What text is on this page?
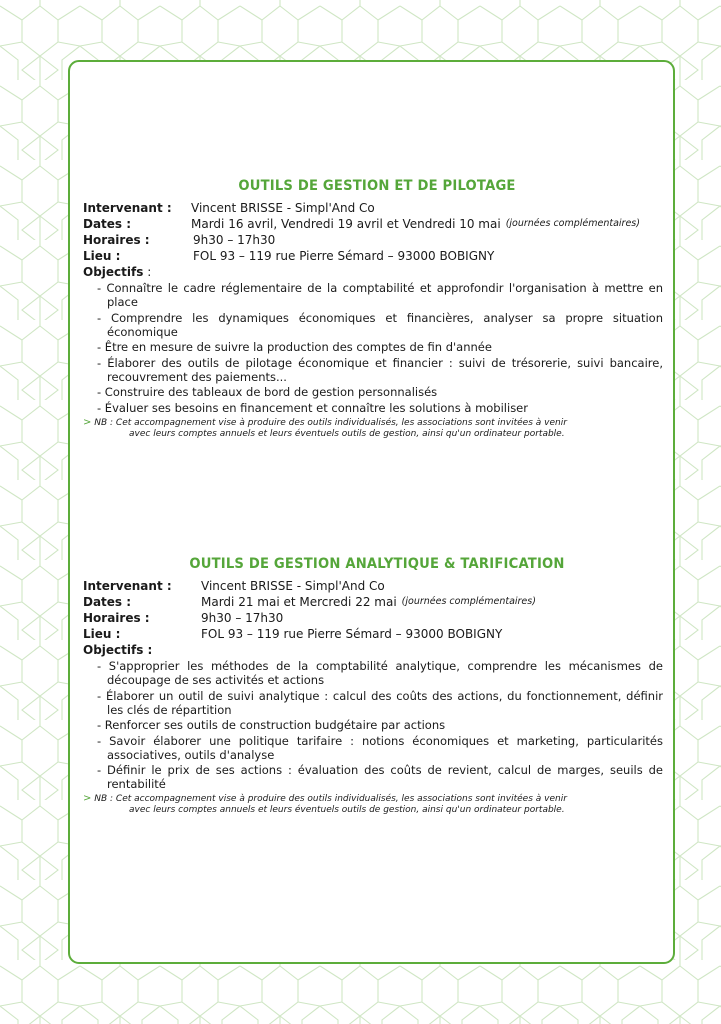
OUTILS DE GESTION ET DE PILOTAGE
Intervenant :	Vincent BRISSE - Simpl'And Co
Dates :	Mardi 16 avril, Vendredi 19 avril et Vendredi 10 mai (journées complémentaires)
Horaires :	9h30 – 17h30
Lieu :	FOL 93 – 119 rue Pierre Sémard – 93000 BOBIGNY
Objectifs :
- Connaître le cadre réglementaire de la comptabilité et approfondir l'organisation à mettre en place
- Comprendre les dynamiques économiques et financières, analyser sa propre situation économique
- Être en mesure de suivre la production des comptes de fin d'année
- Élaborer des outils de pilotage économique et financier : suivi de trésorerie, suivi bancaire, recouvrement des paiements...
- Construire des tableaux de bord de gestion personnalisés
- Évaluer ses besoins en financement et connaître les solutions à mobiliser
> NB : Cet accompagnement vise à produire des outils individualisés, les associations sont invitées à venir
avec leurs comptes annuels et leurs éventuels outils de gestion, ainsi qu'un ordinateur portable.
OUTILS DE GESTION ANALYTIQUE & TARIFICATION
Intervenant :	Vincent BRISSE - Simpl'And Co
Dates :	Mardi 21 mai et Mercredi 22 mai (journées complémentaires)
Horaires :	9h30 – 17h30
Lieu :	FOL 93 – 119 rue Pierre Sémard – 93000 BOBIGNY
Objectifs :
- S'approprier les méthodes de la comptabilité analytique, comprendre les mécanismes de découpage de ses activités et actions
- Élaborer un outil de suivi analytique : calcul des coûts des actions, du fonctionnement, définir les clés de répartition
- Renforcer ses outils de construction budgétaire par actions
- Savoir élaborer une politique tarifaire : notions économiques et marketing, particularités associatives, outils d'analyse
- Définir le prix de ses actions : évaluation des coûts de revient, calcul de marges, seuils de rentabilité
> NB : Cet accompagnement vise à produire des outils individualisés, les associations sont invitées à venir
avec leurs comptes annuels et leurs éventuels outils de gestion, ainsi qu'un ordinateur portable.
